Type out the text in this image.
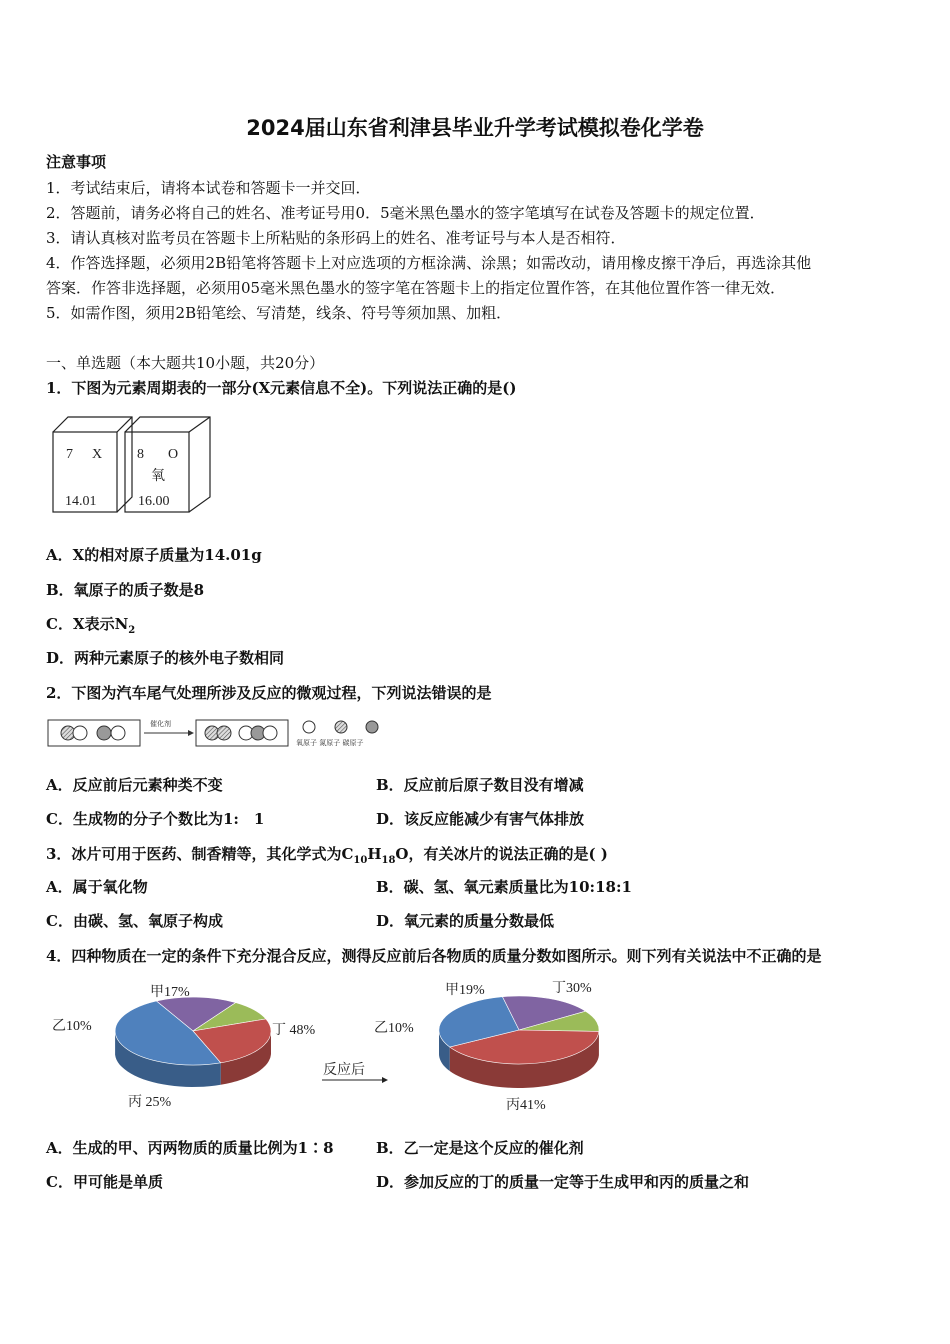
2024届山东省利津县毕业升学考试模拟卷化学卷
注意事项
1．考试结束后，请将本试卷和答题卡一并交回．
2．答题前，请务必将自己的姓名、准考证号用0．5毫米黑色墨水的签字笔填写在试卷及答题卡的规定位置．
3．请认真核对监考员在答题卡上所粘贴的条形码上的姓名、准考证号与本人是否相符．
4．作答选择题，必须用2B铅笔将答题卡上对应选项的方框涂满、涂黑；如需改动，请用橡皮擦干净后，再选涂其他
答案．作答非选择题，必须用05毫米黑色墨水的签字笔在答题卡上的指定位置作答，在其他位置作答一律无效．
5．如需作图，须用2B铅笔绘、写清楚，线条、符号等须加黑、加粗．
一、单选题（本大题共10小题，共20分）
1．下图为元素周期表的一部分(X元素信息不全)。下列说法正确的是()
7 X
14.01
8 O
氧
16.00
A．X的相对原子质量为14.01g
B．氧原子的质子数是8
C．X表示$N_2$
D．两种元素原子的核外电子数相同
2．下图为汽车尾气处理所涉及反应的微观过程，下列说法错误的是
催化剂
氧原子 氮原子 碳原子
A．反应前后元素种类不变	B．反应前后原子数目没有增减
C．生成物的分子个数比为1:　1	D．该反应能减少有害气体排放
3．冰片可用于医药、制香精等，其化学式为$C_{10}H_{18}O$，有关冰片的说法正确的是( )
A．属于氧化物	B．碳、氢、氧元素质量比为10:18:1
C．由碳、氢、氧原子构成	D．氧元素的质量分数最低
4．四种物质在一定的条件下充分混合反应，测得反应前后各物质的质量分数如图所示。则下列有关说法中不正确的是
反应后
甲17%
乙10%
丙 25%
丁 48%
甲19%
乙10%
丙41%
丁30%
A．生成的甲、丙两物质的质量比例为1∶8	B．乙一定是这个反应的催化剂
C．甲可能是单质	D．参加反应的丁的质量一定等于生成甲和丙的质量之和
